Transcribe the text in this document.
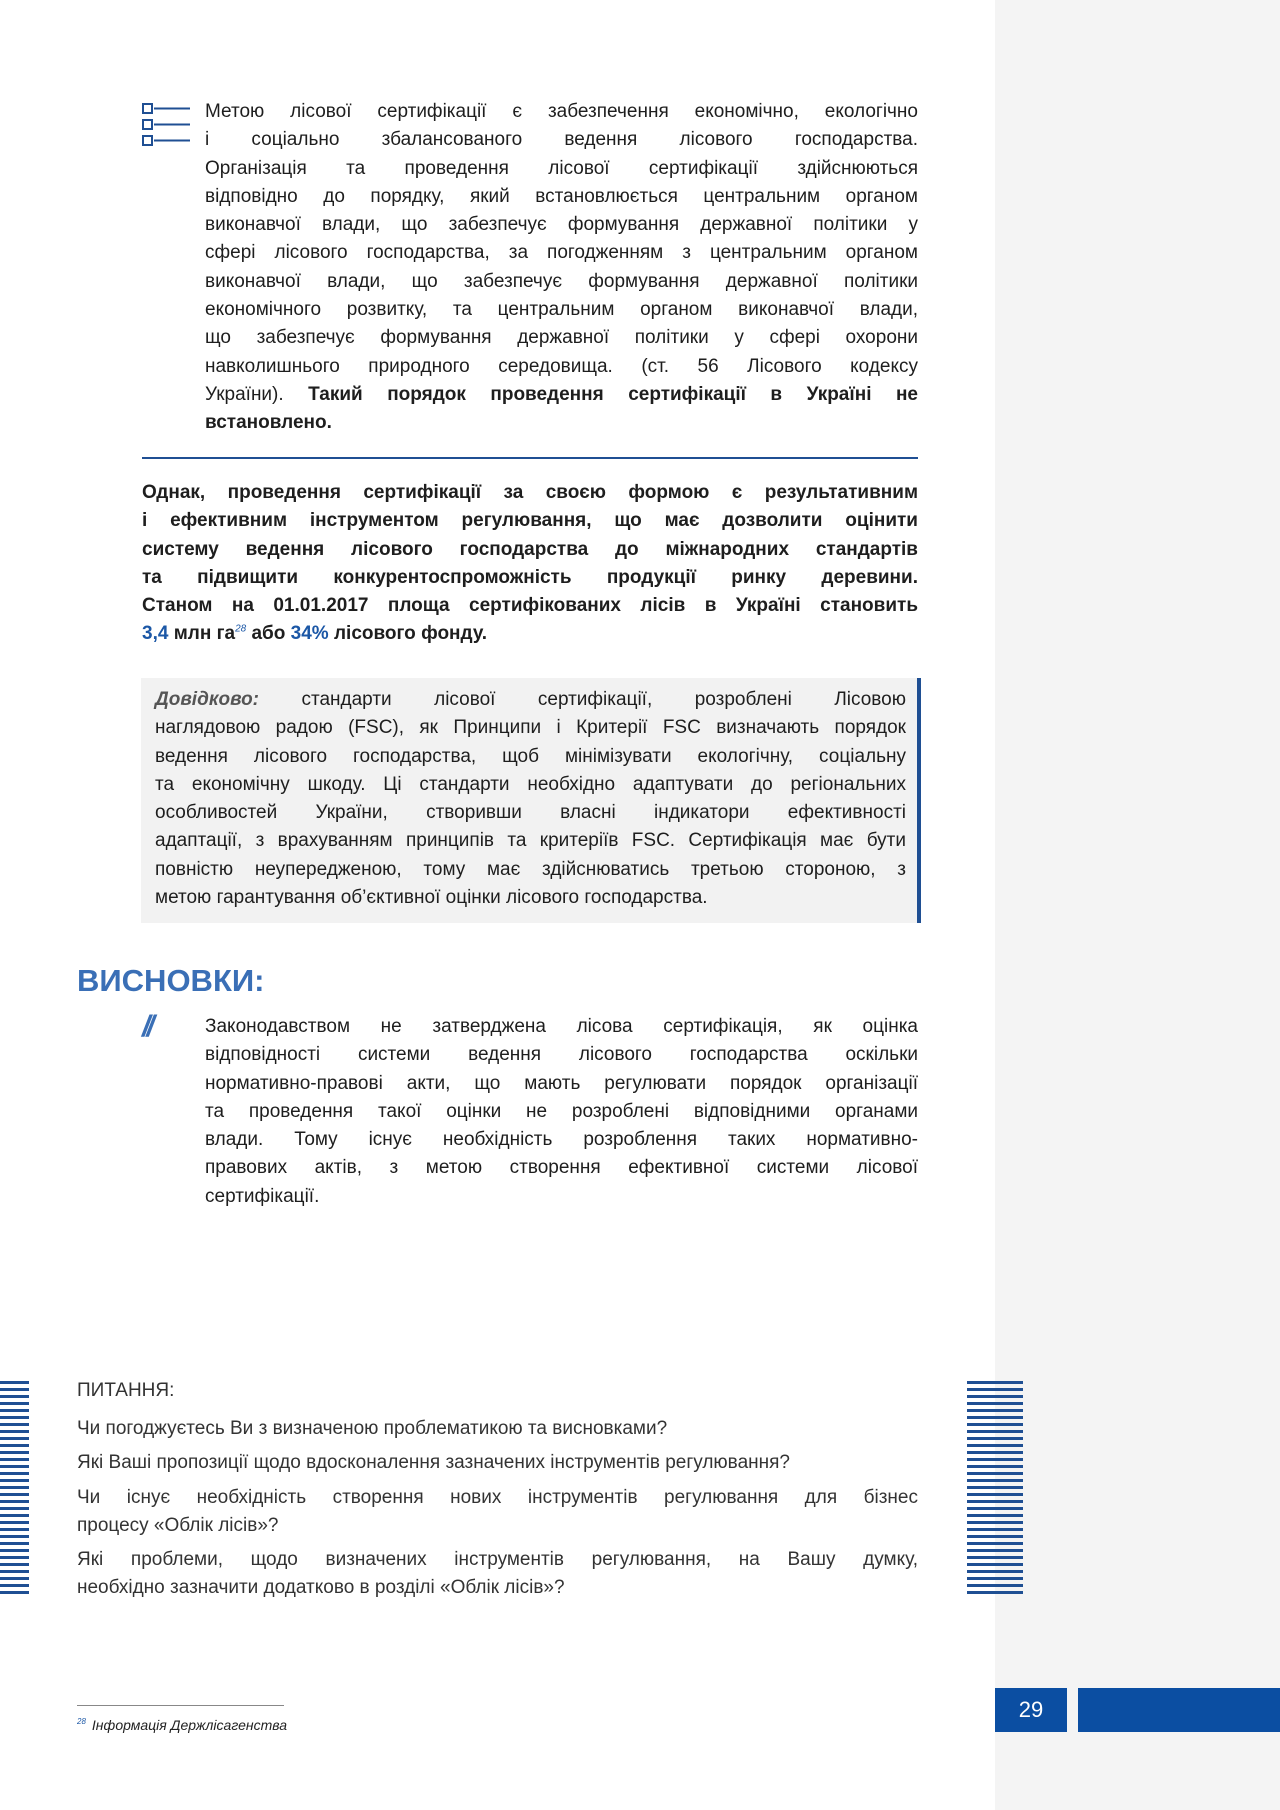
Метою лісової сертифікації є забезпечення економічно, екологічно
і соціально збалансованого ведення лісового господарства.
Організація та проведення лісової сертифікації здійснюються
відповідно до порядку, який встановлюється центральним органом
виконавчої влади, що забезпечує формування державної політики у
сфері лісового господарства, за погодженням з центральним органом
виконавчої влади, що забезпечує формування державної політики
економічного розвитку, та центральним органом виконавчої влади,
що забезпечує формування державної політики у сфері охорони
навколишнього природного середовища. (ст. 56 Лісового кодексу
України). Такий порядок проведення сертифікації в Україні не
встановлено.
Однак, проведення сертифікації за своєю формою є результативним
і ефективним інструментом регулювання, що має дозволити оцінити
систему ведення лісового господарства до міжнародних стандартів
та підвищити конкурентоспроможність продукції ринку деревини.
Станом на 01.01.2017 площа сертифікованих лісів в Україні становить
3,4 млн $га^{28}$ або 34% лісового фонду.
Довідково: стандарти лісової сертифікації, розроблені Лісовою
наглядовою радою (FSC), як Принципи і Критерії FSC визначають порядок
ведення лісового господарства, щоб мінімізувати екологічну, соціальну
та економічну шкоду. Ці стандарти необхідно адаптувати до регіональних
особливостей України, створивши власні індикатори ефективності
адаптації, з врахуванням принципів та критеріїв FSC. Сертифікація має бути
повністю неупередженою, тому має здійснюватись третьою стороною, з
метою гарантування об’єктивної оцінки лісового господарства.
ВИСНОВКИ:
//	Законодавством не затверджена лісова сертифікація, як оцінка
відповідності системи ведення лісового господарства оскільки
нормативно-правові акти, що мають регулювати порядок організації
та проведення такої оцінки не розроблені відповідними органами
влади. Тому існує необхідність розроблення таких нормативно-
правових актів, з метою створення ефективної системи лісової
сертифікації.
ПИТАННЯ:
Чи погоджуєтесь Ви з визначеною проблематикою та висновками?
Які Ваші пропозиції щодо вдосконалення зазначених інструментів регулювання?
Чи існує необхідність створення нових інструментів регулювання для бізнес
процесу «Облік лісів»?
Які проблеми, щодо визначених інструментів регулювання, на Вашу думку,
необхідно зазначити додатково в розділі «Облік лісів»?
$^{28}$ Інформація Держлісагенства
29
